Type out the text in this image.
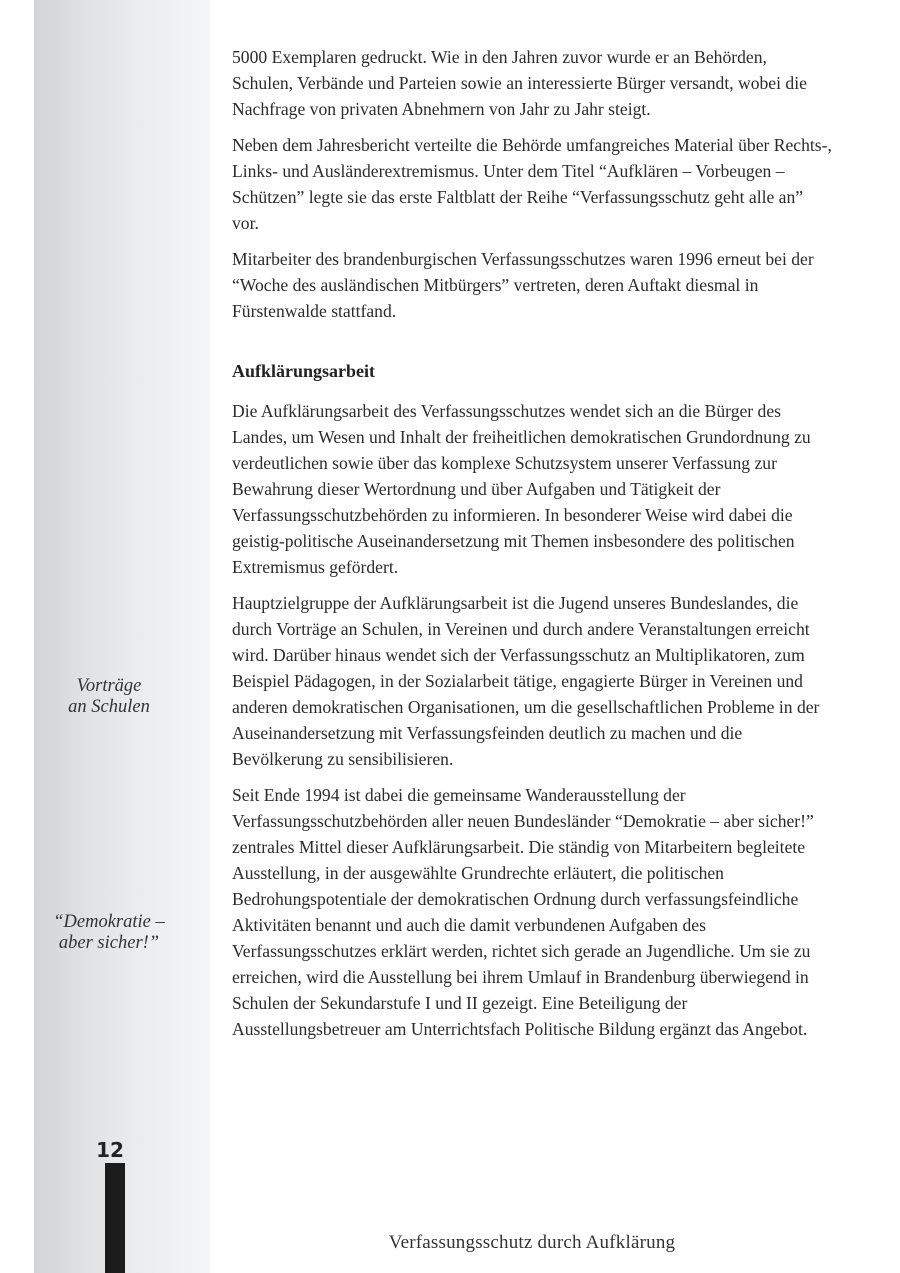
Vorträge
an Schulen
“Demokratie –
aber sicher!”
12

5000 Exemplaren gedruckt. Wie in den Jahren zuvor wurde er an Behörden, Schulen, Verbände und Parteien sowie an interessierte Bürger versandt, wobei die Nachfrage von privaten Abnehmern von Jahr zu Jahr steigt.

Neben dem Jahresbericht verteilte die Behörde umfangreiches Material über Rechts-, Links- und Ausländerextremismus. Unter dem Titel “Aufklären – Vorbeugen – Schützen” legte sie das erste Faltblatt der Reihe “Verfassungsschutz geht alle an” vor.

Mitarbeiter des brandenburgischen Verfassungsschutzes waren 1996 erneut bei der “Woche des ausländischen Mitbürgers” vertreten, deren Auftakt diesmal in Fürstenwalde stattfand.

Aufklärungsarbeit

Die Aufklärungsarbeit des Verfassungsschutzes wendet sich an die Bürger des Landes, um Wesen und Inhalt der freiheitlichen demokratischen Grundordnung zu verdeutlichen sowie über das komplexe Schutzsystem unserer Verfassung zur Bewahrung dieser Wertordnung und über Aufgaben und Tätigkeit der Verfassungsschutzbehörden zu informieren. In besonderer Weise wird dabei die geistig-politische Auseinandersetzung mit Themen insbesondere des politischen Extremismus gefördert.

Hauptzielgruppe der Aufklärungsarbeit ist die Jugend unseres Bundeslandes, die durch Vorträge an Schulen, in Vereinen und durch andere Veranstaltungen erreicht wird. Darüber hinaus wendet sich der Verfassungsschutz an Multiplikatoren, zum Beispiel Pädagogen, in der Sozialarbeit tätige, engagierte Bürger in Vereinen und anderen demokratischen Organisationen, um die gesellschaftlichen Probleme in der Auseinandersetzung mit Verfassungsfeinden deutlich zu machen und die Bevölkerung zu sensibilisieren.

Seit Ende 1994 ist dabei die gemeinsame Wanderausstellung der Verfassungsschutzbehörden aller neuen Bundesländer “Demokratie – aber sicher!” zentrales Mittel dieser Aufklärungsarbeit. Die ständig von Mitarbeitern begleitete Ausstellung, in der ausgewählte Grundrechte erläutert, die politischen Bedrohungspotentiale der demokratischen Ordnung durch verfassungsfeindliche Aktivitäten benannt und auch die damit verbundenen Aufgaben des Verfassungsschutzes erklärt werden, richtet sich gerade an Jugendliche. Um sie zu erreichen, wird die Ausstellung bei ihrem Umlauf in Brandenburg überwiegend in Schulen der Sekundarstufe I und II gezeigt. Eine Beteiligung der Ausstellungsbetreuer am Unterrichtsfach Politische Bildung ergänzt das Angebot.

Verfassungsschutz durch Aufklärung
